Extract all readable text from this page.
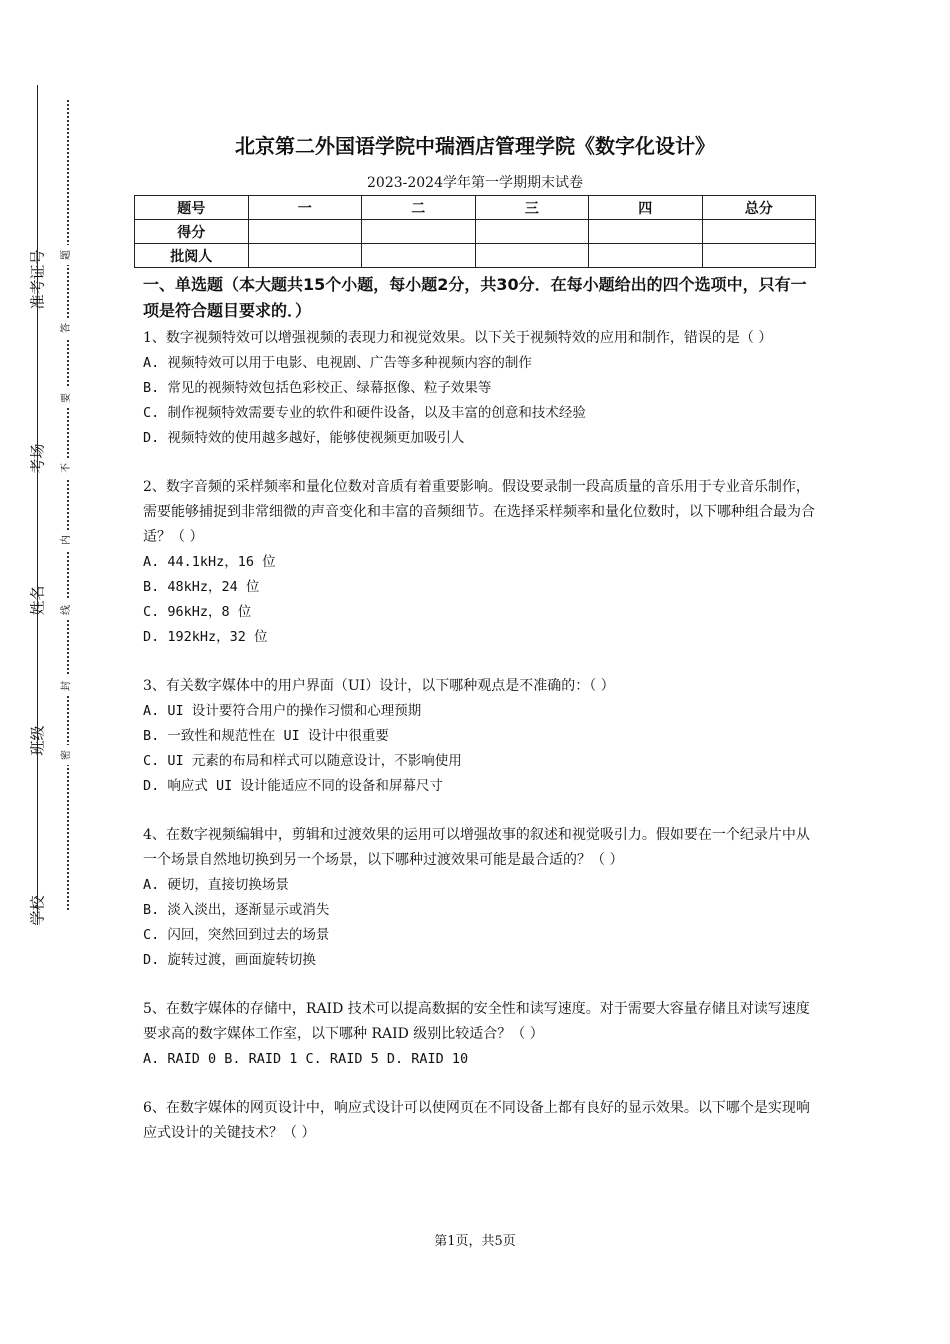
准考证号
考场
姓名
班级
学校
题
答
要
不
内
线
封
密
北京第二外国语学院中瑞酒店管理学院《数字化设计》
2023-2024学年第一学期期末试卷
题号	一	二	三	四	总分
得分					
批阅人					
一、单选题（本大题共15个小题，每小题2分，共30分．在每小题给出的四个选项中，只有一项是符合题目要求的．）

1、数字视频特效可以增强视频的表现力和视觉效果。以下关于视频特效的应用和制作，错误的是（ ）

A. 视频特效可以用于电影、电视剧、广告等多种视频内容的制作

B. 常见的视频特效包括色彩校正、绿幕抠像、粒子效果等

C. 制作视频特效需要专业的软件和硬件设备，以及丰富的创意和技术经验

D. 视频特效的使用越多越好，能够使视频更加吸引人

2、数字音频的采样频率和量化位数对音质有着重要影响。假设要录制一段高质量的音乐用于专业音乐制作，需要能够捕捉到非常细微的声音变化和丰富的音频细节。在选择采样频率和量化位数时，以下哪种组合最为合适？（ ）

A. 44.1kHz，16 位

B. 48kHz，24 位

C. 96kHz，8 位

D. 192kHz，32 位

3、有关数字媒体中的用户界面（UI）设计，以下哪种观点是不准确的：（ ）

A. UI 设计要符合用户的操作习惯和心理预期

B. 一致性和规范性在 UI 设计中很重要

C. UI 元素的布局和样式可以随意设计，不影响使用

D. 响应式 UI 设计能适应不同的设备和屏幕尺寸

4、在数字视频编辑中，剪辑和过渡效果的运用可以增强故事的叙述和视觉吸引力。假如要在一个纪录片中从一个场景自然地切换到另一个场景，以下哪种过渡效果可能是最合适的？（ ）

A. 硬切，直接切换场景

B. 淡入淡出，逐渐显示或消失

C. 闪回，突然回到过去的场景

D. 旋转过渡，画面旋转切换

5、在数字媒体的存储中，RAID 技术可以提高数据的安全性和读写速度。对于需要大容量存储且对读写速度要求高的数字媒体工作室，以下哪种 RAID 级别比较适合？（ ）

A. RAID 0 B. RAID 1 C. RAID 5 D. RAID 10

6、在数字媒体的网页设计中，响应式设计可以使网页在不同设备上都有良好的显示效果。以下哪个是实现响应式设计的关键技术？（ ）

第1页，共5页
